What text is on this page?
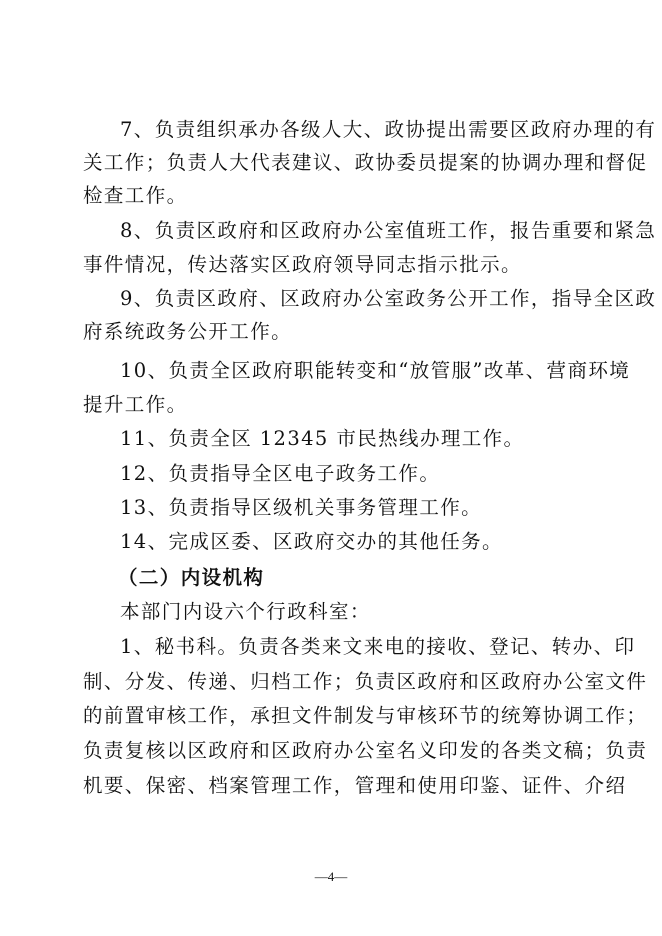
7、负责组织承办各级人大、政协提出需要区政府办理的有
关工作；负责人大代表建议、政协委员提案的协调办理和督促
检查工作。
8、负责区政府和区政府办公室值班工作，报告重要和紧急
事件情况，传达落实区政府领导同志指示批示。
9、负责区政府、区政府办公室政务公开工作，指导全区政
府系统政务公开工作。
10、负责全区政府职能转变和“放管服”改革、营商环境
提升工作。
11、负责全区 12345 市民热线办理工作。
12、负责指导全区电子政务工作。
13、负责指导区级机关事务管理工作。
14、完成区委、区政府交办的其他任务。
（二）内设机构
本部门内设六个行政科室：
1、秘书科。负责各类来文来电的接收、登记、转办、印
制、分发、传递、归档工作；负责区政府和区政府办公室文件
的前置审核工作，承担文件制发与审核环节的统筹协调工作；
负责复核以区政府和区政府办公室名义印发的各类文稿；负责
机要、保密、档案管理工作，管理和使用印鉴、证件、介绍
—4—
